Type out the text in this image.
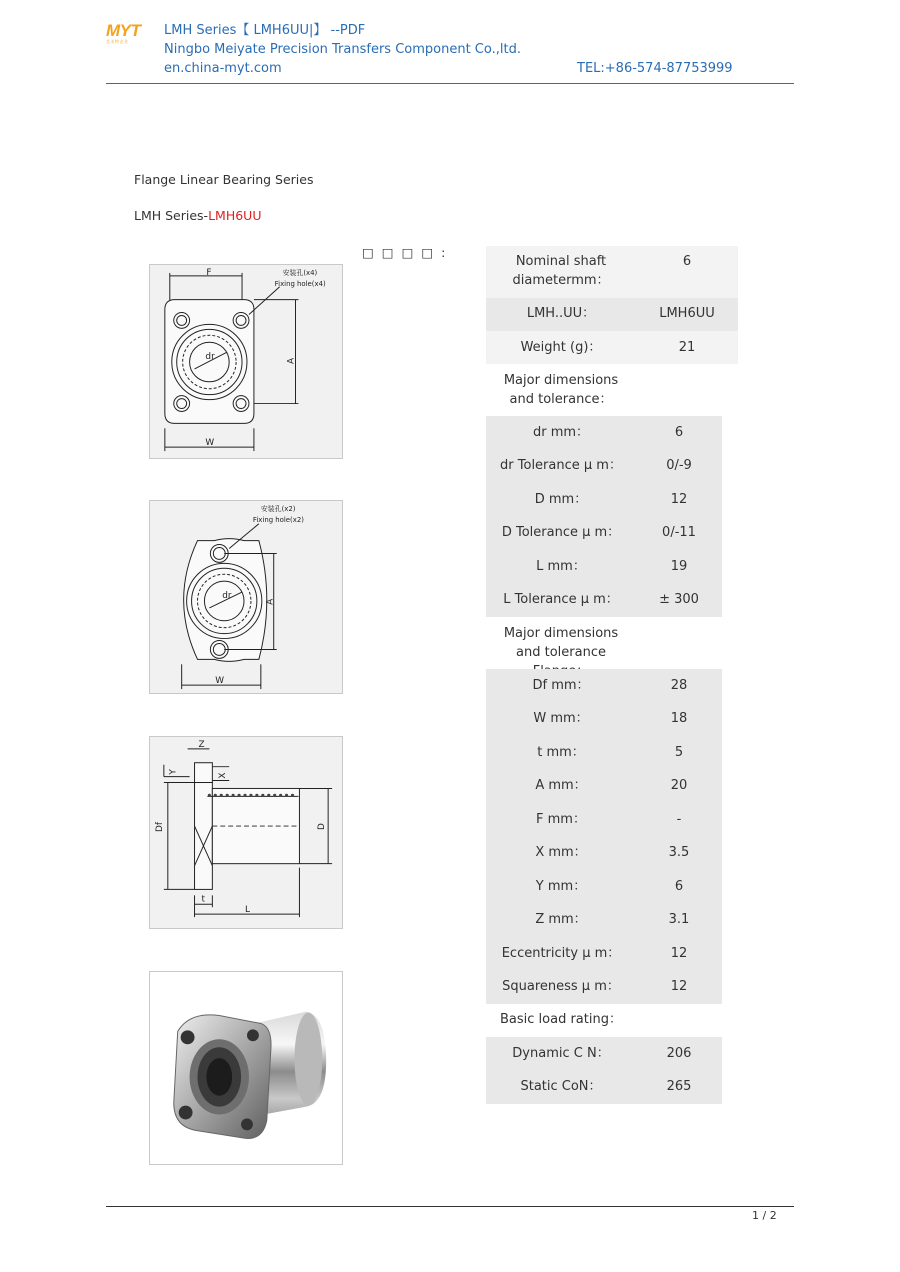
MYT
美亚特企业
LMH Series【 LMH6UU|】 --PDF
Ningbo Meiyate Precision Transfers Component Co.,ltd.
en.china-myt.com	TEL:+86-574-87753999
Flange Linear Bearing Series
LMH Series-LMH6UU
□ □ □ □ :
F	安装孔(x4)
Fixing hole(x4)
A
dr
W
安装孔(x2)
Fixing hole(x2)
A
dr
W
Z
Y
X
Df	D
t
L
Nominal shaft diametermm：
6
LMH..UU：	LMH6UU
Weight (g)：	21
Major dimensions and tolerance：
dr mm：	6
dr Tolerance μ m：	0/-9
D mm：	12
D Tolerance μ m：	0/-11
L mm：	19
L Tolerance μ m：	± 300
Major dimensions and tolerance
Df mm：	28
W mm：	18
t mm：	5
A mm：	20
F mm：	-
X mm：	3.5
Y mm：	6
Z mm：	3.1
Eccentricity μ m：	12
Squareness μ m：	12
Basic load rating：
Dynamic C N：	206
Static CoN：	265
1 / 2
